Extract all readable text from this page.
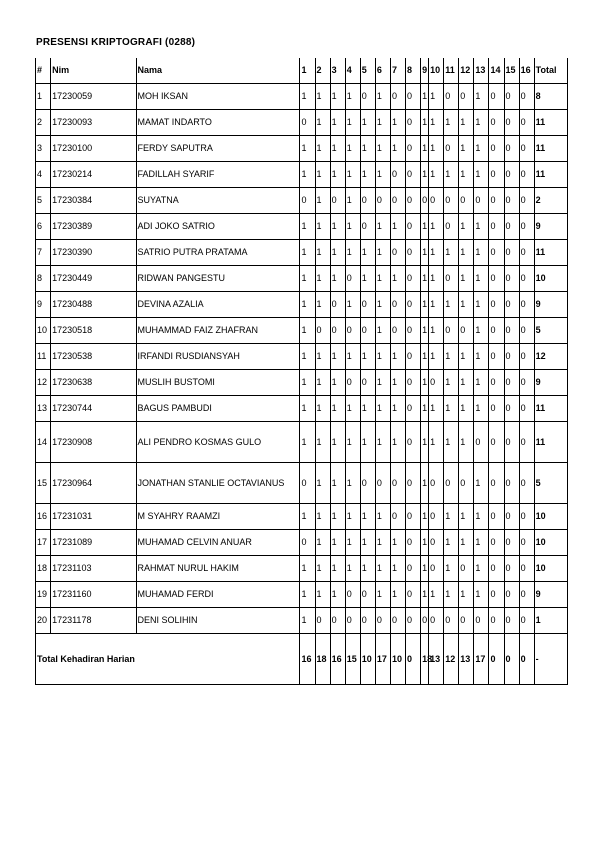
PRESENSI KRIPTOGRAFI (0288)
#	Nim	Nama	1	2	3	4	5	6	7	8	9	10	11	12	13	14	15	16	Total
1	17230059	MOH IKSAN	1	1	1	1	0	1	0	0	1	1	0	0	1	0	0	0	8
2	17230093	MAMAT INDARTO	0	1	1	1	1	1	1	0	1	1	1	1	1	0	0	0	11
3	17230100	FERDY SAPUTRA	1	1	1	1	1	1	1	0	1	1	0	1	1	0	0	0	11
4	17230214	FADILLAH SYARIF	1	1	1	1	1	1	0	0	1	1	1	1	1	0	0	0	11
5	17230384	SUYATNA	0	1	0	1	0	0	0	0	0	0	0	0	0	0	0	0	2
6	17230389	ADI JOKO SATRIO	1	1	1	1	0	1	1	0	1	1	0	1	1	0	0	0	9
7	17230390	SATRIO PUTRA PRATAMA	1	1	1	1	1	1	0	0	1	1	1	1	1	0	0	0	11
8	17230449	RIDWAN PANGESTU	1	1	1	0	1	1	1	0	1	1	0	1	1	0	0	0	10
9	17230488	DEVINA AZALIA	1	1	0	1	0	1	0	0	1	1	1	1	1	0	0	0	9
10	17230518	MUHAMMAD FAIZ ZHAFRAN	1	0	0	0	0	1	0	0	1	1	0	0	1	0	0	0	5
11	17230538	IRFANDI RUSDIANSYAH	1	1	1	1	1	1	1	0	1	1	1	1	1	0	0	0	12
12	17230638	MUSLIH BUSTOMI	1	1	1	0	0	1	1	0	1	0	1	1	1	0	0	0	9
13	17230744	BAGUS PAMBUDI	1	1	1	1	1	1	1	0	1	1	1	1	1	0	0	0	11
14	17230908	ALI PENDRO KOSMAS GULO	1	1	1	1	1	1	1	0	1	1	1	1	0	0	0	0	11
15	17230964	JONATHAN STANLIE OCTAVIANUS	0	1	1	1	0	0	0	0	1	0	0	0	1	0	0	0	5
16	17231031	M SYAHRY RAAMZI	1	1	1	1	1	1	0	0	1	0	1	1	1	0	0	0	10
17	17231089	MUHAMAD CELVIN ANUAR	0	1	1	1	1	1	1	0	1	0	1	1	1	0	0	0	10
18	17231103	RAHMAT NURUL HAKIM	1	1	1	1	1	1	1	0	1	0	1	0	1	0	0	0	10
19	17231160	MUHAMAD FERDI	1	1	1	0	0	1	1	0	1	1	1	1	1	0	0	0	9
20	17231178	DENI SOLIHIN	1	0	0	0	0	0	0	0	0	0	0	0	0	0	0	0	1
Total Kehadiran Harian			16	18	16	15	10	17	10	0	18	13	12	13	17	0	0	0	-
